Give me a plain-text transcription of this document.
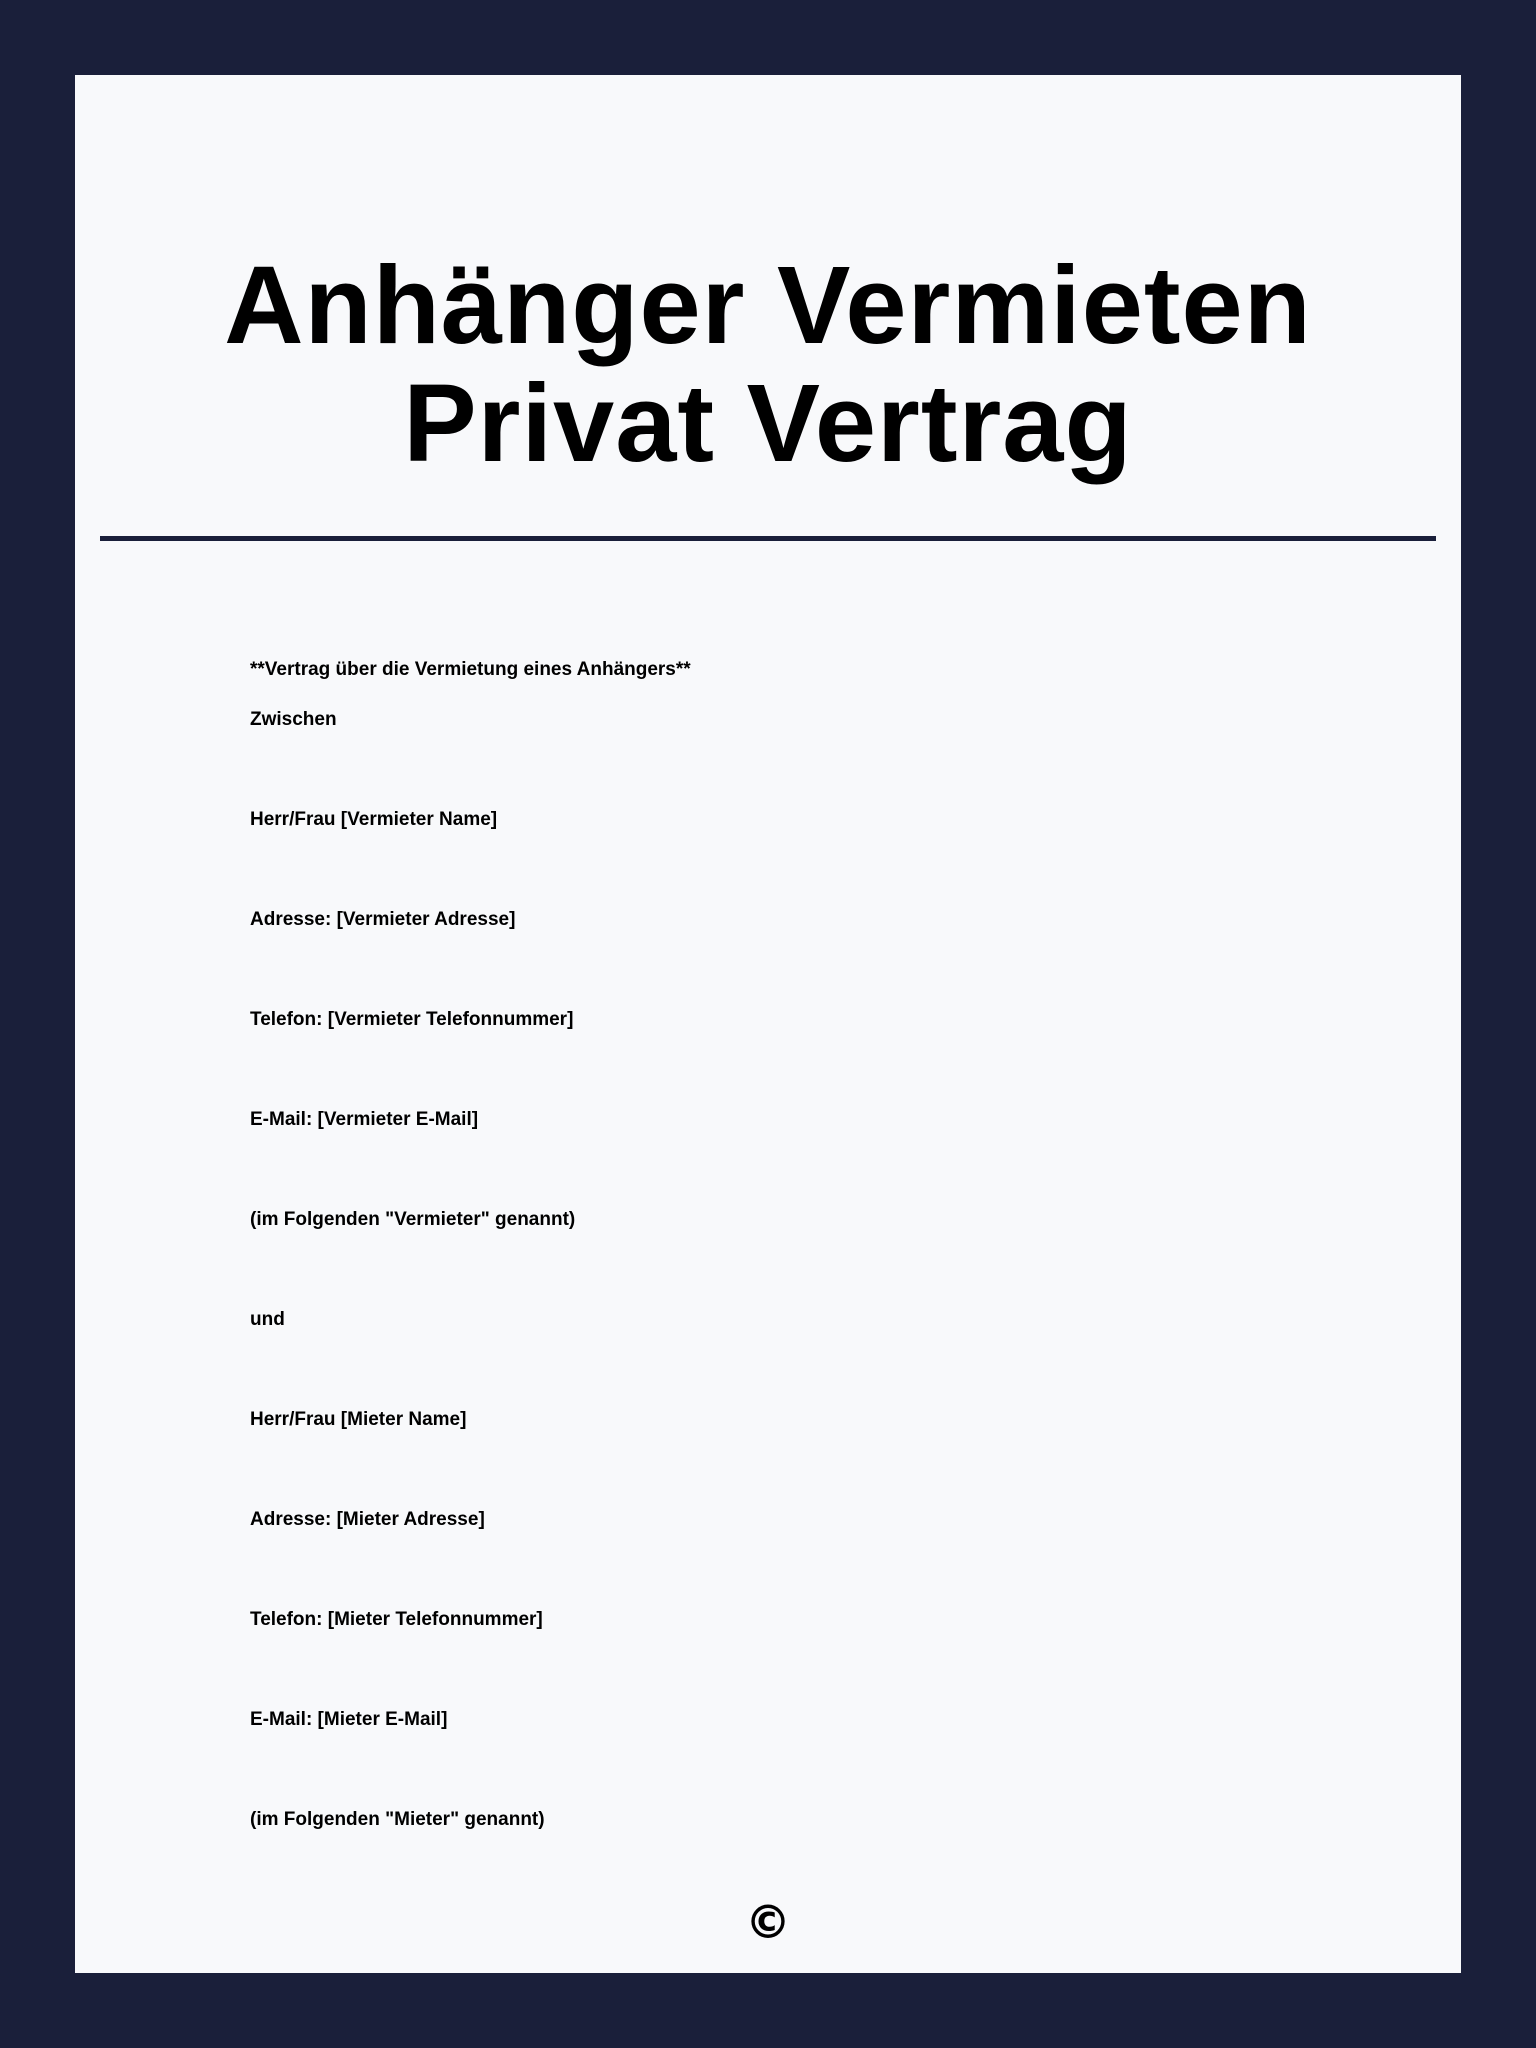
Anhänger Vermieten Privat Vertrag

**Vertrag über die Vermietung eines Anhängers**

Zwischen

Herr/Frau [Vermieter Name]

Adresse: [Vermieter Adresse]

Telefon: [Vermieter Telefonnummer]

E-Mail: [Vermieter E-Mail]

(im Folgenden "Vermieter" genannt)

und

Herr/Frau [Mieter Name]

Adresse: [Mieter Adresse]

Telefon: [Mieter Telefonnummer]

E-Mail: [Mieter E-Mail]

(im Folgenden "Mieter" genannt)

©
